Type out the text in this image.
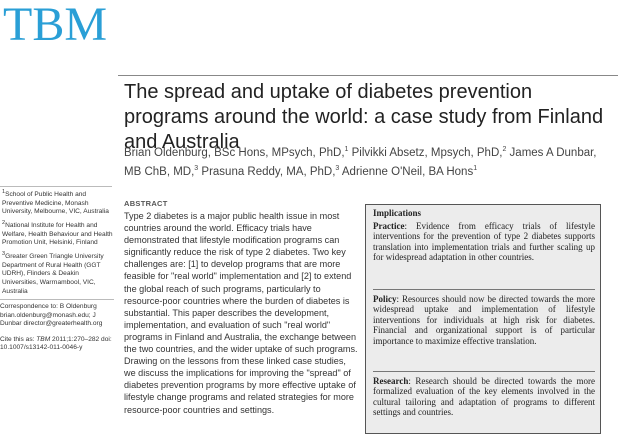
TBM
The spread and uptake of diabetes prevention programs around the world: a case study from Finland and Australia
Brian Oldenburg, BSc Hons, MPsych, PhD,$^1$ Pilvikki Absetz, Mpsych, PhD,$^2$ James A Dunbar, MB ChB, MD,$^3$ Prasuna Reddy, MA, PhD,$^3$ Adrienne O'Neil, BA Hons$^1$

$^1$School of Public Health and Preventive Medicine, Monash University, Melbourne, VIC, Australia

$^2$National Institute for Health and Welfare, Health Behaviour and Health Promotion Unit, Helsinki, Finland

$^3$Greater Green Triangle University Department of Rural Health (GGT UDRH), Flinders & Deakin Universities, Warrnambool, VIC, Australia

Correspondence to: B Oldenburg brian.oldenburg@monash.edu; J Dunbar director@greaterhealth.org

Cite this as: TBM 2011;1:270–282 doi: 10.1007/s13142-011-0046-y

ABSTRACT
Type 2 diabetes is a major public health issue in most countries around the world. Efficacy trials have demonstrated that lifestyle modification programs can significantly reduce the risk of type 2 diabetes. Two key challenges are: [1] to develop programs that are more feasible for "real world" implementation and [2] to extend the global reach of such programs, particularly to resource-poor countries where the burden of diabetes is substantial. This paper describes the development, implementation, and evaluation of such "real world" programs in Finland and Australia, the exchange between the two countries, and the wider uptake of such programs. Drawing on the lessons from these linked case studies, we discuss the implications for improving the "spread" of diabetes prevention programs by more effective uptake of lifestyle change programs and related strategies for more resource-poor countries and settings.
Implications
Practice: Evidence from efficacy trials of lifestyle interventions for the prevention of type 2 diabetes supports translation into implementation trials and further scaling up for widespread adaptation in other countries.
Policy: Resources should now be directed towards the more widespread uptake and implementation of lifestyle interventions for individuals at high risk for diabetes. Financial and organizational support is of particular importance to maximize effective translation.
Research: Research should be directed towards the more formalized evaluation of the key elements involved in the cultural tailoring and adaptation of programs to different settings and countries.
